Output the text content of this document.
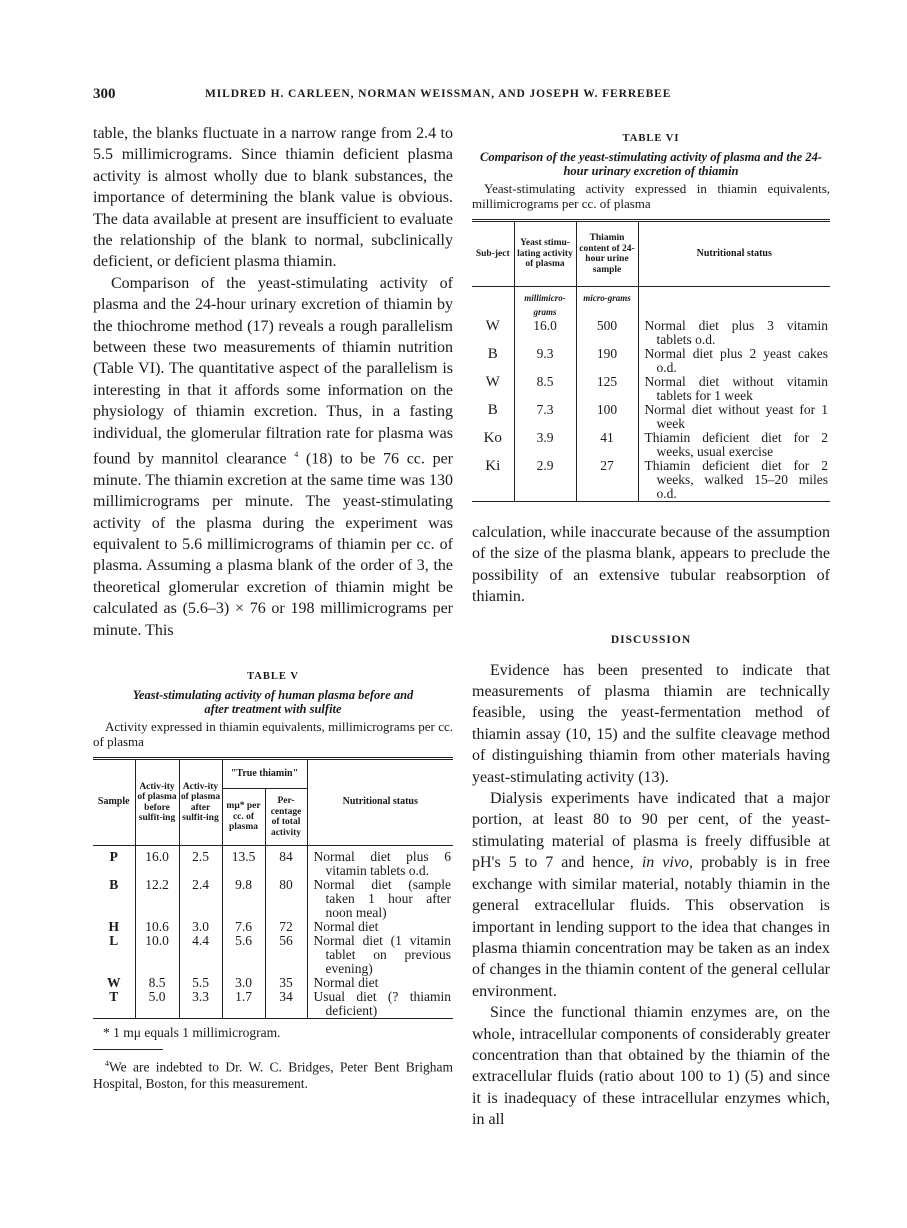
300	MILDRED H. CARLEEN, NORMAN WEISSMAN, AND JOSEPH W. FERREBEE

table, the blanks fluctuate in a narrow range from 2.4 to 5.5 millimicrograms. Since thiamin deficient plasma activity is almost wholly due to blank substances, the importance of determining the blank value is obvious. The data available at present are insufficient to evaluate the relationship of the blank to normal, subclinically deficient, or deficient plasma thiamin.

Comparison of the yeast-stimulating activity of plasma and the 24-hour urinary excretion of thiamin by the thiochrome method (17) reveals a rough parallelism between these two measurements of thiamin nutrition (Table VI). The quantitative aspect of the parallelism is interesting in that it affords some information on the physiology of thiamin excretion. Thus, in a fasting individual, the glomerular filtration rate for plasma was found by mannitol clearance $^4$ (18) to be 76 cc. per minute. The thiamin excretion at the same time was 130 millimicrograms per minute. The yeast-stimulating activity of the plasma during the experiment was equivalent to 5.6 millimicrograms of thiamin per cc. of plasma. Assuming a plasma blank of the order of 3, the theoretical glomerular excretion of thiamin might be calculated as (5.6–3) × 76 or 198 millimicrograms per minute. This

TABLE V

Yeast-stimulating activity of human plasma before and after treatment with sulfite

Activity expressed in thiamin equivalents, millimicrograms per cc. of plasma

Sample	Activ-ity of plasma before sulfit-ing	Activ-ity of plasma after sulfit-ing	"True thiamin"		Nutritional status
			mμ* per cc. of plasma	Per-centage of total activity	
P	16.0	2.5	13.5	84	Normal diet plus 6 vitamin tablets o.d.

B	12.2	2.4	9.8	80	Normal diet (sample taken 1 hour after noon meal)

H	10.6	3.0	7.6	72	Normal diet

L	10.0	4.4	5.6	56	Normal diet (1 vitamin tablet on previous evening)

W	8.5	5.5	3.0	35	Normal diet

T	5.0	3.3	1.7	34	Usual diet (? thiamin deficient)

* 1 mμ equals 1 millimicrogram.

$^4$We are indebted to Dr. W. C. Bridges, Peter Bent Brigham Hospital, Boston, for this measurement.

TABLE VI

Comparison of the yeast-stimulating activity of plasma and the 24-hour urinary excretion of thiamin

Yeast-stimulating activity expressed in thiamin equivalents, millimicrograms per cc. of plasma

Sub-ject	Yeast stimu-lating activity of plasma	Thiamin content of 24-hour urine sample	Nutritional status
	millimicro-grams	micro-grams	
W	16.0	500	Normal diet plus 3 vitamin tablets o.d.

B	9.3	190	Normal diet plus 2 yeast cakes o.d.

W	8.5	125	Normal diet without vitamin tablets for 1 week

B	7.3	100	Normal diet without yeast for 1 week

Ko	3.9	41	Thiamin deficient diet for 2 weeks, usual exercise

Ki	2.9	27	Thiamin deficient diet for 2 weeks, walked 15–20 miles o.d.

calculation, while inaccurate because of the assumption of the size of the plasma blank, appears to preclude the possibility of an extensive tubular reabsorption of thiamin.

DISCUSSION

Evidence has been presented to indicate that measurements of plasma thiamin are technically feasible, using the yeast-fermentation method of thiamin assay (10, 15) and the sulfite cleavage method of distinguishing thiamin from other materials having yeast-stimulating activity (13).

Dialysis experiments have indicated that a major portion, at least 80 to 90 per cent, of the yeast-stimulating material of plasma is freely diffusible at pH's 5 to 7 and hence, in vivo, probably is in free exchange with similar material, notably thiamin in the general extracellular fluids. This observation is important in lending support to the idea that changes in plasma thiamin concentration may be taken as an index of changes in the thiamin content of the general cellular environment.

Since the functional thiamin enzymes are, on the whole, intracellular components of considerably greater concentration than that obtained by the thiamin of the extracellular fluids (ratio about 100 to 1) (5) and since it is inadequacy of these intracellular enzymes which, in all
